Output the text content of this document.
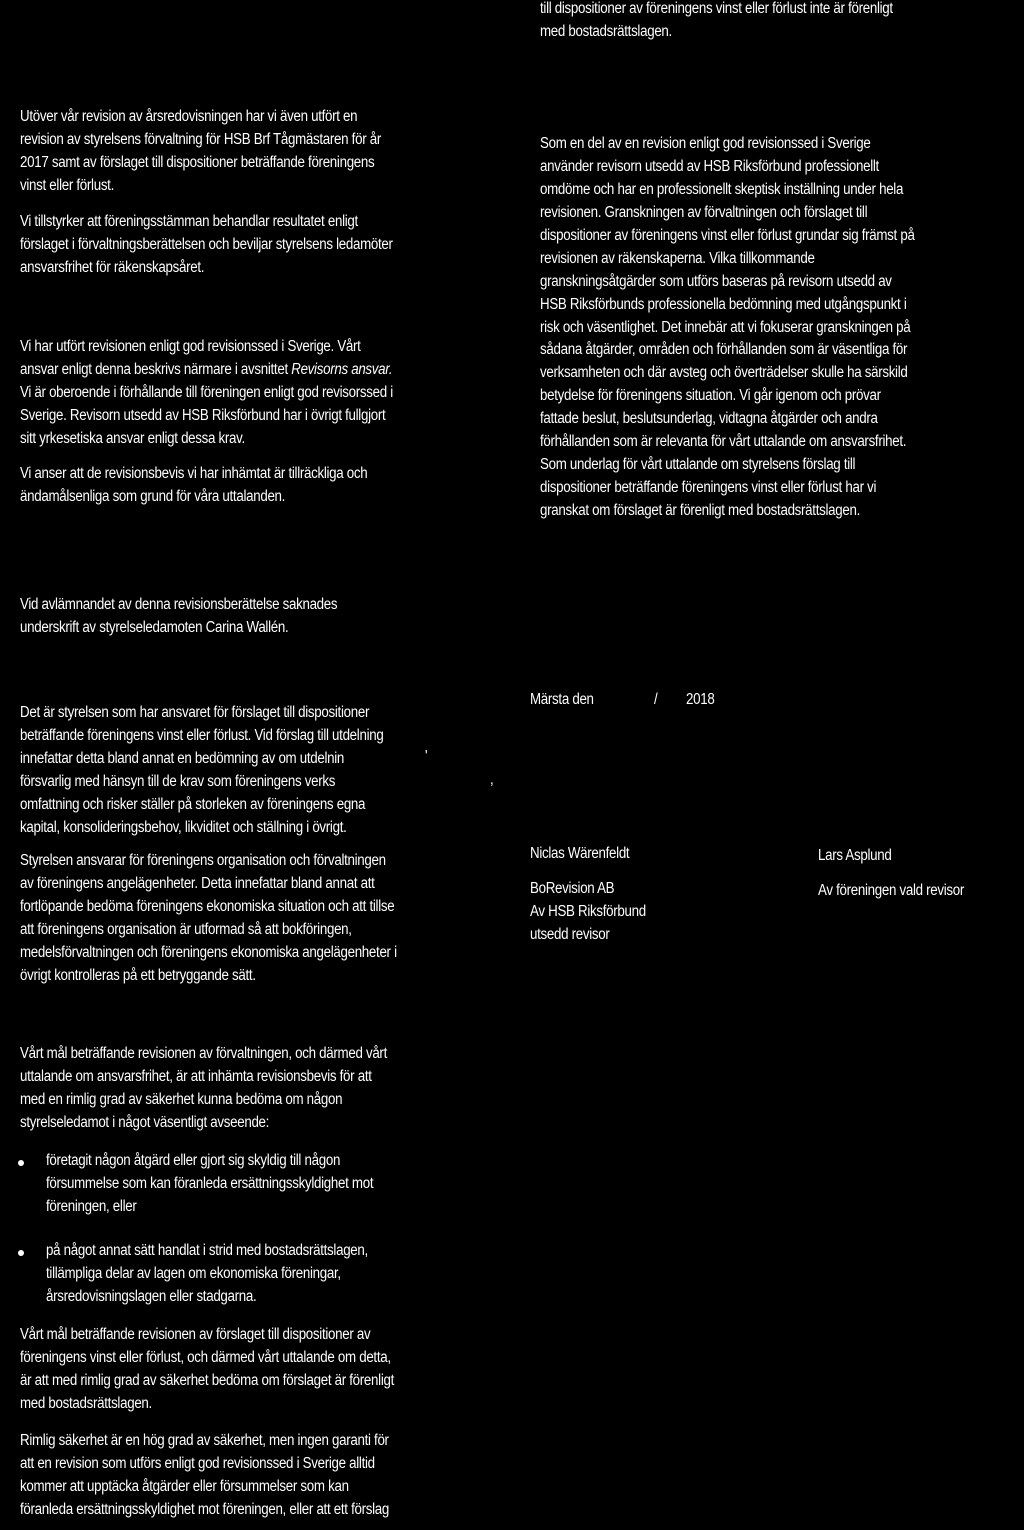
till dispositioner av föreningens vinst eller förlust inte är förenligt
med bostadsrättslagen.

Utöver vår revision av årsredovisningen har vi även utfört en
revision av styrelsens förvaltning för HSB Brf Tågmästaren för år
2017 samt av förslaget till dispositioner beträffande föreningens
vinst eller förlust.

Vi tillstyrker att föreningsstämman behandlar resultatet enligt
förslaget i förvaltningsberättelsen och beviljar styrelsens ledamöter
ansvarsfrihet för räkenskapsåret.

Vi har utfört revisionen enligt god revisionssed i Sverige. Vårt
ansvar enligt denna beskrivs närmare i avsnittet Revisorns ansvar.
Vi är oberoende i förhållande till föreningen enligt god revisorssed i
Sverige. Revisorn utsedd av HSB Riksförbund har i övrigt fullgjort
sitt yrkesetiska ansvar enligt dessa krav.

Vi anser att de revisionsbevis vi har inhämtat är tillräckliga och
ändamålsenliga som grund för våra uttalanden.

Vid avlämnandet av denna revisionsberättelse saknades
underskrift av styrelseledamoten Carina Wallén.

Det är styrelsen som har ansvaret för förslaget till dispositioner
beträffande föreningens vinst eller förlust. Vid förslag till utdelning
innefattar detta bland annat en bedömning av om utdelnin
försvarlig med hänsyn till de krav som föreningens verks
omfattning och risker ställer på storleken av föreningens egna
kapital, konsolideringsbehov, likviditet och ställning i övrigt.

'
,

Styrelsen ansvarar för föreningens organisation och förvaltningen
av föreningens angelägenheter. Detta innefattar bland annat att
fortlöpande bedöma föreningens ekonomiska situation och att tillse
att föreningens organisation är utformad så att bokföringen,
medelsförvaltningen och föreningens ekonomiska angelägenheter i
övrigt kontrolleras på ett betryggande sätt.

Vårt mål beträffande revisionen av förvaltningen, och därmed vårt
uttalande om ansvarsfrihet, är att inhämta revisionsbevis för att
med en rimlig grad av säkerhet kunna bedöma om någon
styrelseledamot i något väsentligt avseende:

företagit någon åtgärd eller gjort sig skyldig till någon
försummelse som kan föranleda ersättningsskyldighet mot
föreningen, eller

på något annat sätt handlat i strid med bostadsrättslagen,
tillämpliga delar av lagen om ekonomiska föreningar,
årsredovisningslagen eller stadgarna.

Vårt mål beträffande revisionen av förslaget till dispositioner av
föreningens vinst eller förlust, och därmed vårt uttalande om detta,
är att med rimlig grad av säkerhet bedöma om förslaget är förenligt
med bostadsrättslagen.

Rimlig säkerhet är en hög grad av säkerhet, men ingen garanti för
att en revision som utförs enligt god revisionssed i Sverige alltid
kommer att upptäcka åtgärder eller försummelser som kan
föranleda ersättningsskyldighet mot föreningen, eller att ett förslag

Som en del av en revision enligt god revisionssed i Sverige
använder revisorn utsedd av HSB Riksförbund professionellt
omdöme och har en professionellt skeptisk inställning under hela
revisionen. Granskningen av förvaltningen och förslaget till
dispositioner av föreningens vinst eller förlust grundar sig främst på
revisionen av räkenskaperna. Vilka tillkommande
granskningsåtgärder som utförs baseras på revisorn utsedd av
HSB Riksförbunds professionella bedömning med utgångspunkt i
risk och väsentlighet. Det innebär att vi fokuserar granskningen på
sådana åtgärder, områden och förhållanden som är väsentliga för
verksamheten och där avsteg och överträdelser skulle ha särskild
betydelse för föreningens situation. Vi går igenom och prövar
fattade beslut, beslutsunderlag, vidtagna åtgärder och andra
förhållanden som är relevanta för vårt uttalande om ansvarsfrihet.
Som underlag för vårt uttalande om styrelsens förslag till
dispositioner beträffande föreningens vinst eller förlust har vi
granskat om förslaget är förenligt med bostadsrättslagen.

Märsta den	/ 2018
Niclas Wärenfeldt
BoRevision AB
Av HSB Riksförbund
utsedd revisor
Lars Asplund
Av föreningen vald revisor
